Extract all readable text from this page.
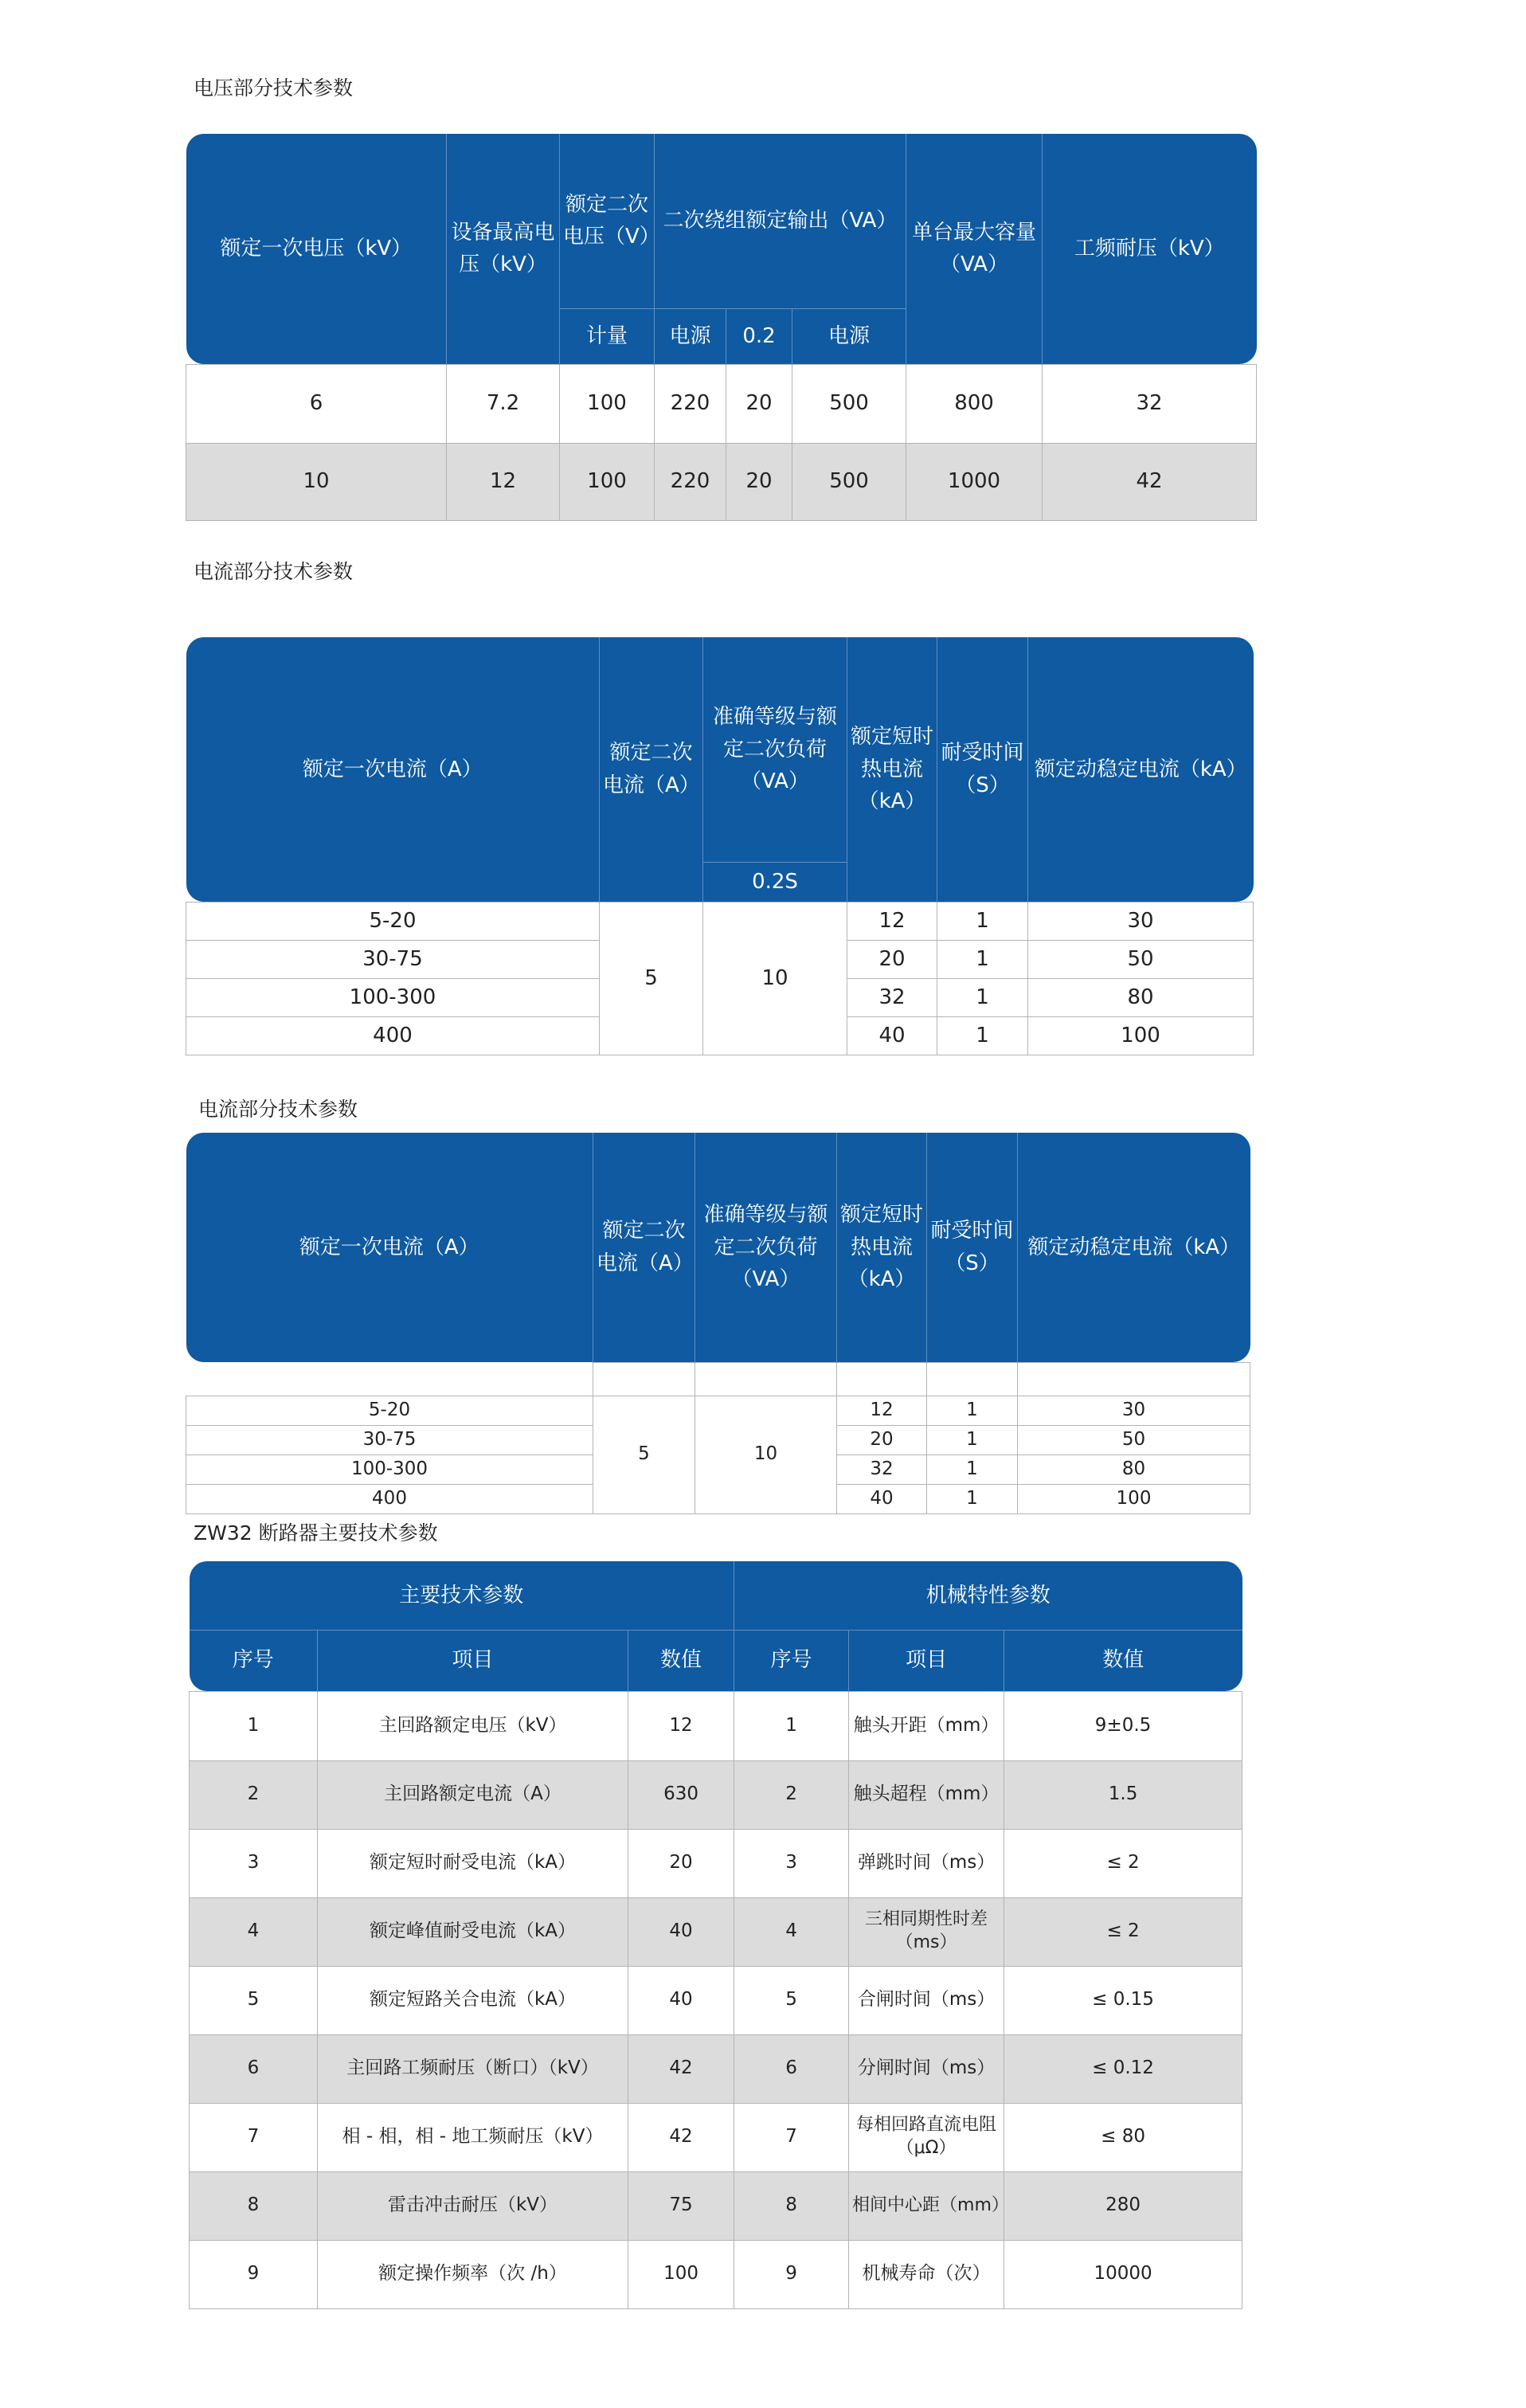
电压部分技术参数
额定一次电压（kV）	设备最高电压（kV）	额定二次电压（V）	二次绕组额定输出（VA）			单台最大容量（VA）	工频耐压（kV）
		计量	电源	0.2	电源		
6	7.2	100	220	20	500	800	32
10	12	100	220	20	500	1000	42
电流部分技术参数
额定一次电流（A）	额定二次电流（A）	准确等级与额定二次负荷（VA）	额定短时热电流（kA）	耐受时间（S）	额定动稳定电流（kA）
		0.2S			
5-20	5	10	12	1	30
30-75			20	1	50
100-300			32	1	80
400			40	1	100
电流部分技术参数
额定一次电流（A）	额定二次电流（A）	准确等级与额定二次负荷（VA）	额定短时热电流（kA）	耐受时间（S）	额定动稳定电流（kA）

5-20	5	10	12	1	30
30-75			20	1	50
100-300			32	1	80
400			40	1	100
ZW32 断路器主要技术参数
主要技术参数			机械特性参数		
序号	项目	数值	序号	项目	数值
1	主回路额定电压（kV）	12	1	触头开距（mm）	9±0.5
2	主回路额定电流（A）	630	2	触头超程（mm）	1.5
3	额定短时耐受电流（kA）	20	3	弹跳时间（ms）	≤ 2
4	额定峰值耐受电流（kA）	40	4	三相同期性时差（ms）	≤ 2
5	额定短路关合电流（kA）	40	5	合闸时间（ms）	≤ 0.15
6	主回路工频耐压（断口）（kV）	42	6	分闸时间（ms）	≤ 0.12
7	相 - 相，相 - 地工频耐压（kV）	42	7	每相回路直流电阻（μΩ）	≤ 80
8	雷击冲击耐压（kV）	75	8	相间中心距（mm）	280
9	额定操作频率（次 /h）	100	9	机械寿命（次）	10000
